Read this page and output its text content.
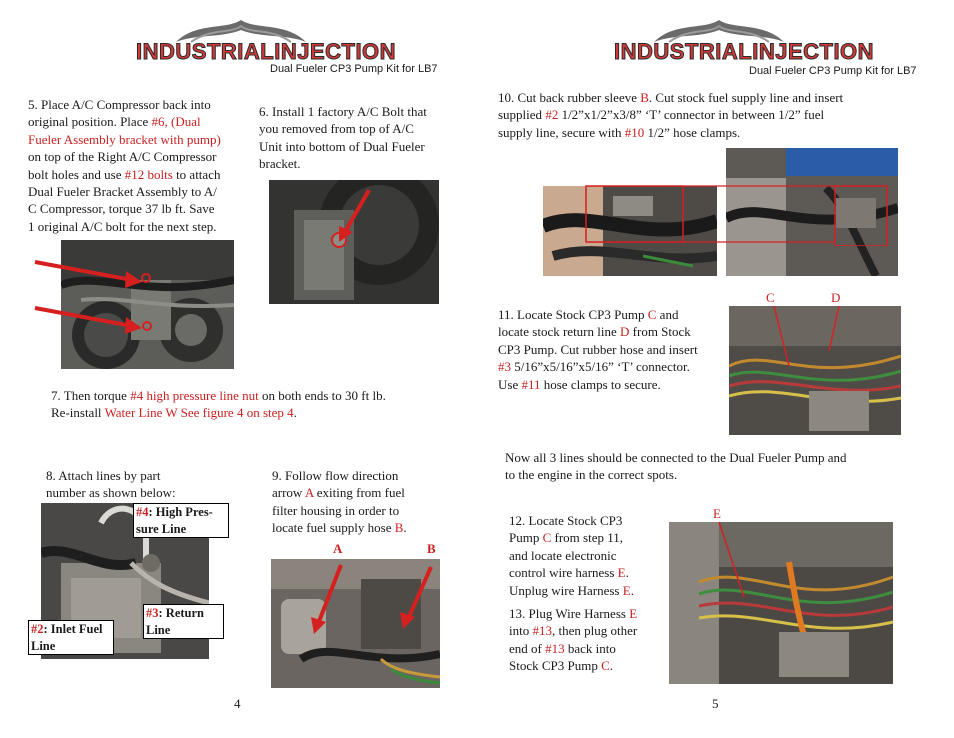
INDUSTRIALINJECTION
Dual Fueler CP3 Pump Kit for LB7
INDUSTRIALINJECTION
Dual Fueler CP3 Pump Kit for LB7
5. Place A/C Compressor back into
original position. Place #6, (Dual
Fueler Assembly bracket with pump)
on top of the Right A/C Compressor
bolt holes and use #12 bolts to attach
Dual Fueler Bracket Assembly to A/
C Compressor, torque 37 lb ft. Save
1 original A/C bolt for the next step.
6. Install 1 factory A/C Bolt that
you removed from top of A/C
Unit into bottom of Dual Fueler
bracket.
7. Then torque #4 high pressure line nut on both ends to 30 ft lb.
Re-install Water Line W See figure 4 on step 4.
8. Attach lines by part
number as shown below:
#4: High Pres-
sure Line
#3: Return
Line
#2: Inlet Fuel
Line
9. Follow flow direction
arrow A exiting from fuel
filter housing in order to
locate fuel supply hose B.
A	B
4
10. Cut back rubber sleeve B. Cut stock fuel supply line and insert
supplied #2 1/2”x1/2”x3/8” ‘T’ connector in between 1/2” fuel
supply line, secure with #10 1/2” hose clamps.
11. Locate Stock CP3 Pump C and
locate stock return line D from Stock
CP3 Pump. Cut rubber hose and insert
#3 5/16”x5/16”x5/16” ‘T’ connector.
Use #11 hose clamps to secure.
C	D
Now all 3 lines should be connected to the Dual Fueler Pump and
to the engine in the correct spots.
12. Locate Stock CP3
Pump C from step 11,
and locate electronic
control wire harness E.
Unplug wire Harness E.
13. Plug Wire Harness E
into #13, then plug other
end of #13 back into
Stock CP3 Pump C.
E
5
